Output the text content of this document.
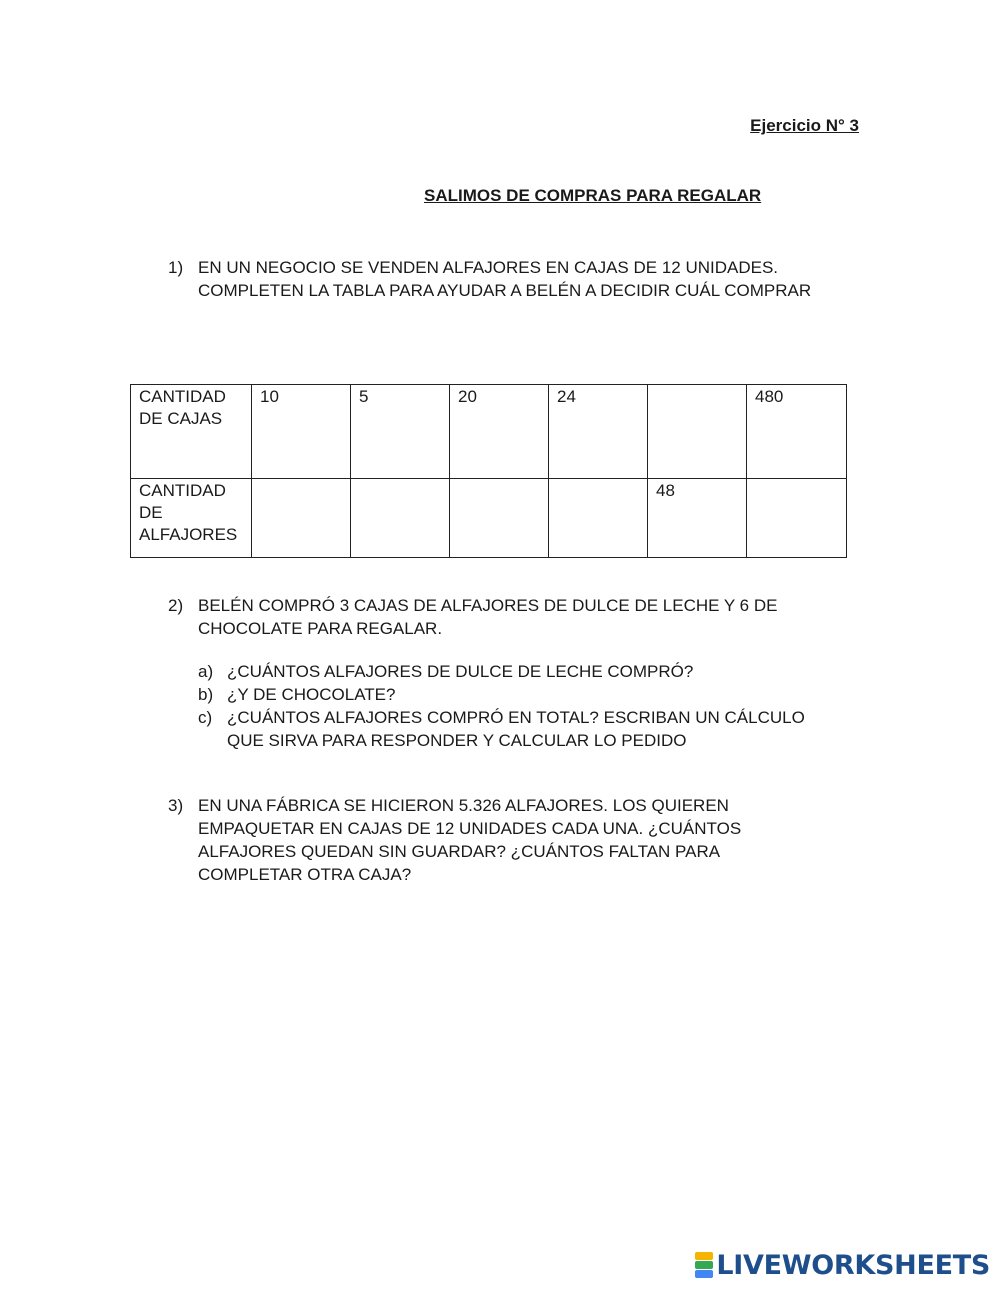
Ejercicio N° 3
SALIMOS DE COMPRAS PARA REGALAR
1) EN UN NEGOCIO SE VENDEN ALFAJORES EN CAJAS DE 12 UNIDADES.
COMPLETEN LA TABLA PARA AYUDAR A BELÉN A DECIDIR CUÁL COMPRAR
CANTIDAD DE CAJAS	10	5	20	24		480
CANTIDAD DE ALFAJORES					48	
2) BELÉN COMPRÓ 3 CAJAS DE ALFAJORES DE DULCE DE LECHE Y 6 DE
CHOCOLATE PARA REGALAR.
a) ¿CUÁNTOS ALFAJORES DE DULCE DE LECHE COMPRÓ?
b) ¿Y DE CHOCOLATE?
c) ¿CUÁNTOS ALFAJORES COMPRÓ EN TOTAL? ESCRIBAN UN CÁLCULO
QUE SIRVA PARA RESPONDER Y CALCULAR LO PEDIDO
3) EN UNA FÁBRICA SE HICIERON 5.326 ALFAJORES. LOS QUIEREN
EMPAQUETAR EN CAJAS DE 12 UNIDADES CADA UNA. ¿CUÁNTOS
ALFAJORES QUEDAN SIN GUARDAR? ¿CUÁNTOS FALTAN PARA
COMPLETAR OTRA CAJA?
LIVEWORKSHEETS
